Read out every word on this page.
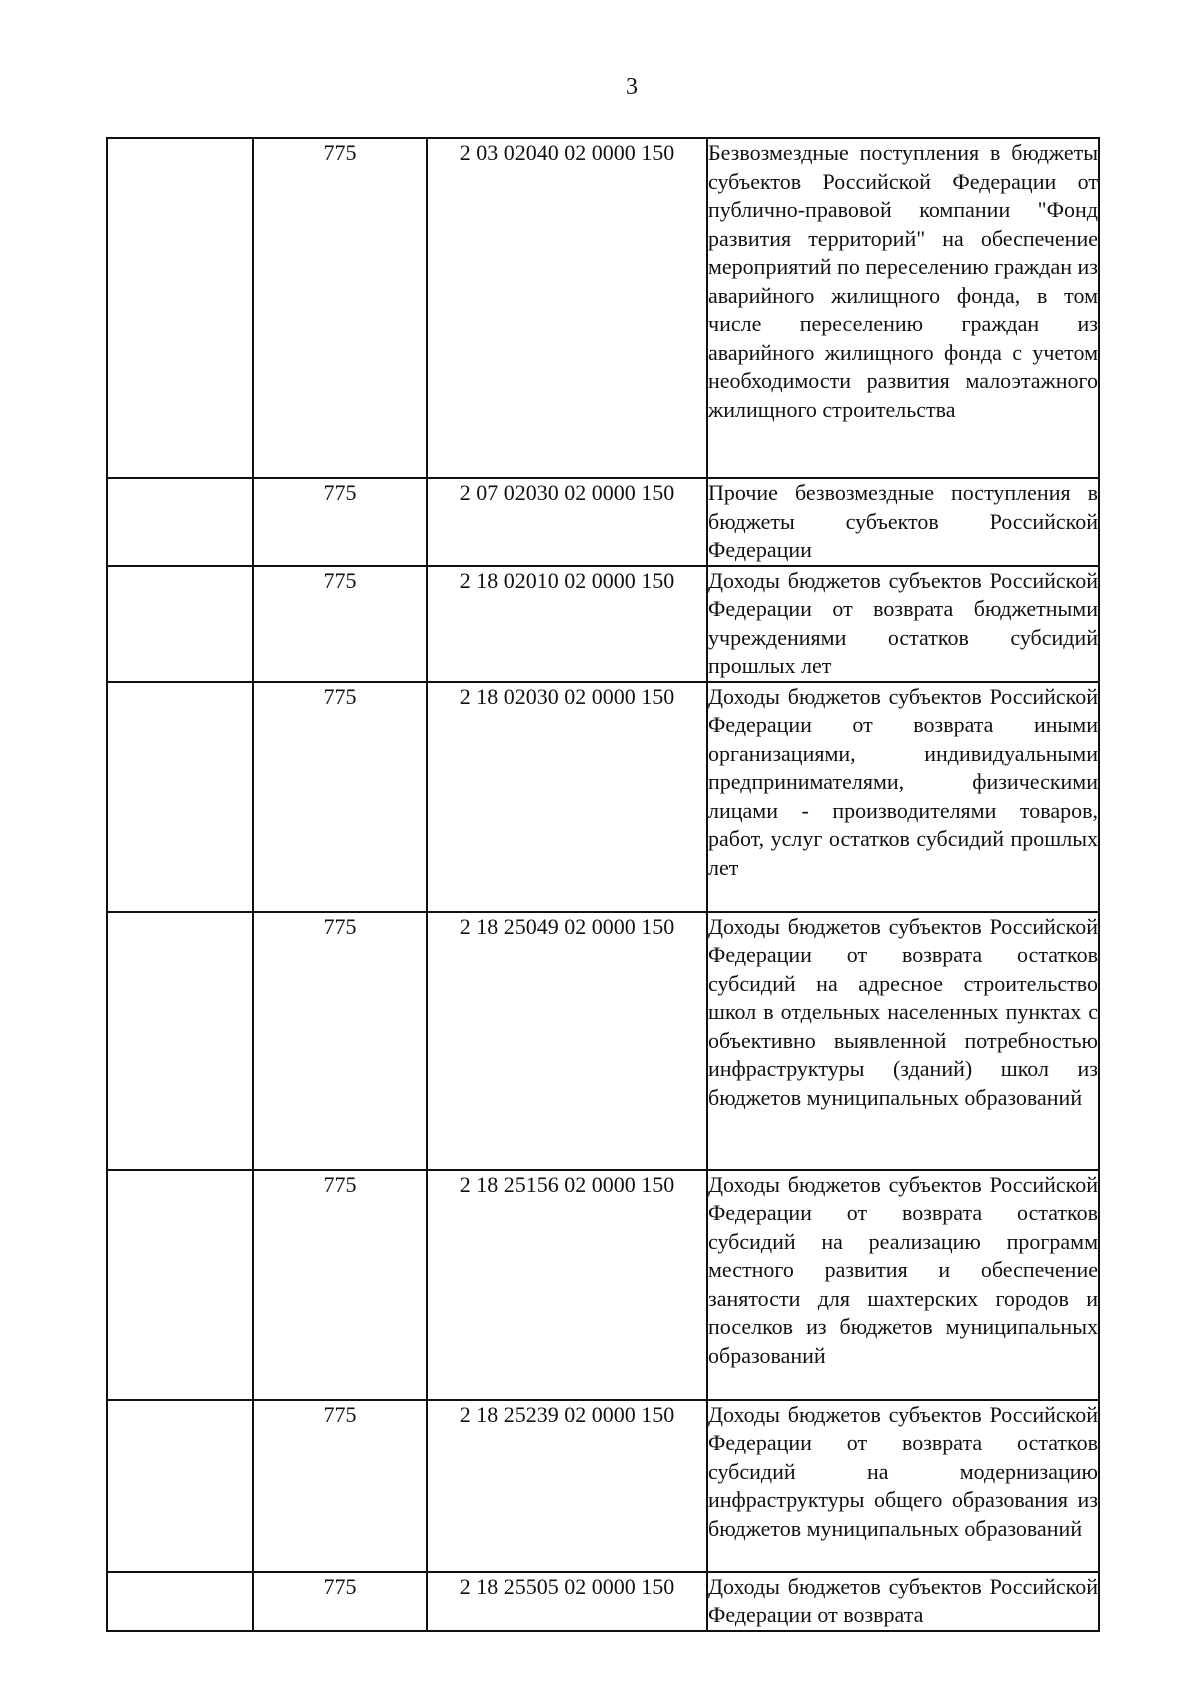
3
	775	2 03 02040 02 0000 150	Безвозмездные поступления в бюджеты субъектов Российской Федерации от публично-правовой компании "Фонд развития территорий" на обеспечение мероприятий по переселению граждан из аварийного жилищного фонда, в том числе переселению граждан из аварийного жилищного фонда с учетом необходимости развития малоэтажного жилищного строительства
	775	2 07 02030 02 0000 150	Прочие безвозмездные поступления в бюджеты субъектов Российской Федерации
	775	2 18 02010 02 0000 150	Доходы бюджетов субъектов Российской Федерации от возврата бюджетными учреждениями остатков субсидий прошлых лет
	775	2 18 02030 02 0000 150	Доходы бюджетов субъектов Российской Федерации от возврата иными организациями, индивидуальными предпринимателями, физическими лицами - производителями товаров, работ, услуг остатков субсидий прошлых лет
	775	2 18 25049 02 0000 150	Доходы бюджетов субъектов Российской Федерации от возврата остатков субсидий на адресное строительство школ в отдельных населенных пунктах с объективно выявленной потребностью инфраструктуры (зданий) школ из бюджетов муниципальных образований
	775	2 18 25156 02 0000 150	Доходы бюджетов субъектов Российской Федерации от возврата остатков субсидий на реализацию программ местного развития и обеспечение занятости для шахтерских городов и поселков из бюджетов муниципальных образований
	775	2 18 25239 02 0000 150	Доходы бюджетов субъектов Российской Федерации от возврата остатков субсидий на модернизацию инфраструктуры общего образования из бюджетов муниципальных образований
	775	2 18 25505 02 0000 150	Доходы бюджетов субъектов Российской Федерации от возврата
